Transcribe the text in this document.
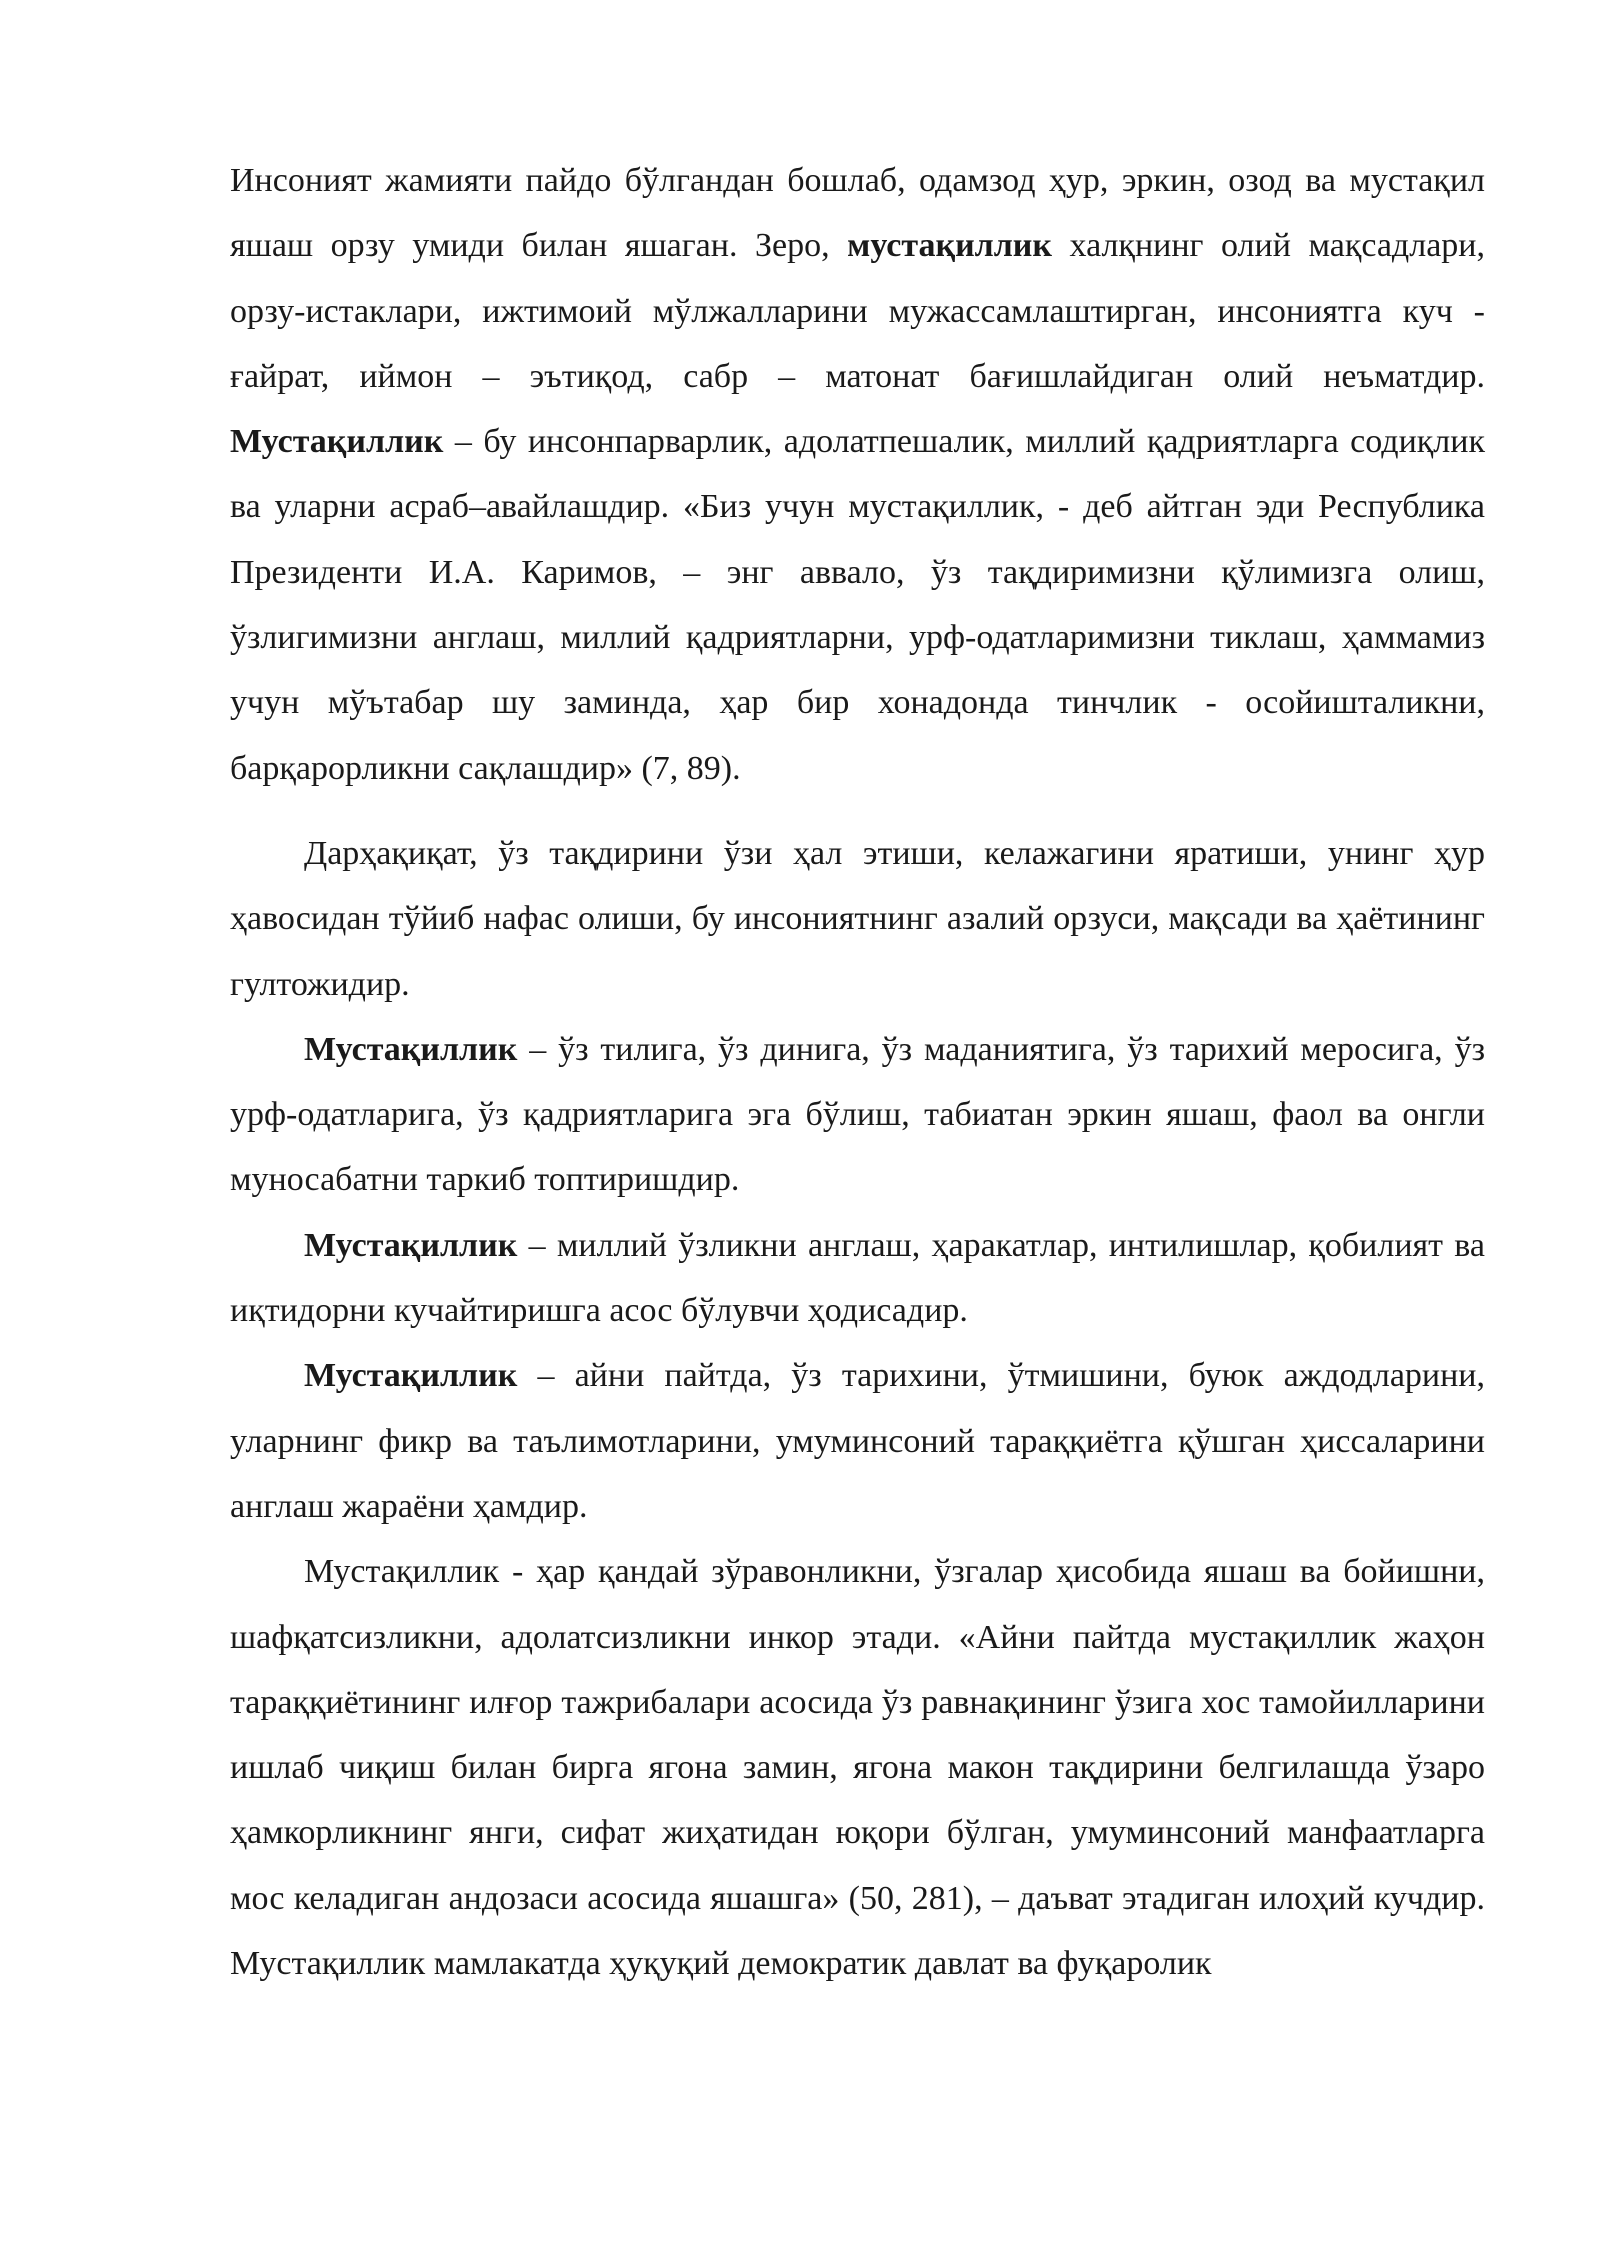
Инсоният жамияти пайдо бўлгандан бошлаб, одамзод ҳур, эркин, озод ва мустақил яшаш орзу умиди билан яшаган. Зеро, мустақиллик халқнинг олий мақсадлари, орзу-истаклари, ижтимоий мўлжалларини мужассамлаштирган, инсониятга куч - ғайрат, иймон – эътиқод, сабр – матонат бағишлайдиган олий неъматдир. Мустақиллик – бу инсонпарварлик, адолатпешалик, миллий қадриятларга содиқлик ва уларни асраб–авайлашдир. «Биз учун мустақиллик, - деб айтган эди Республика Президенти И.А. Каримов, – энг аввало, ўз тақдиримизни қўлимизга олиш, ўзлигимизни англаш, миллий қадриятларни, урф-одатларимизни тиклаш, ҳаммамиз учун мўътабар шу заминда, ҳар бир хонадонда тинчлик - осойишталикни, барқарорликни сақлашдир» (7, 89).

Дарҳақиқат, ўз тақдирини ўзи ҳал этиши, келажагини яратиши, унинг ҳур ҳавосидан тўйиб нафас олиши, бу инсониятнинг азалий орзуси, мақсади ва ҳаётининг гултожидир.

Мустақиллик – ўз тилига, ўз динига, ўз маданиятига, ўз тарихий меросига, ўз урф-одатларига, ўз қадриятларига эга бўлиш, табиатан эркин яшаш, фаол ва онгли муносабатни таркиб топтиришдир.

Мустақиллик – миллий ўзликни англаш, ҳаракатлар, интилишлар, қобилият ва иқтидорни кучайтиришга асос бўлувчи ҳодисадир.

Мустақиллик – айни пайтда, ўз тарихини, ўтмишини, буюк аждодларини, уларнинг фикр ва таълимотларини, умуминсоний тараққиётга қўшган ҳиссаларини англаш жараёни ҳамдир.

Мустақиллик - ҳар қандай зўравонликни, ўзгалар ҳисобида яшаш ва бойишни, шафқатсизликни, адолатсизликни инкор этади. «Айни пайтда мустақиллик жаҳон тараққиётининг илғор тажрибалари асосида ўз равнақининг ўзига хос тамойилларини ишлаб чиқиш билан бирга ягона замин, ягона макон тақдирини белгилашда ўзаро ҳамкорликнинг янги, сифат жиҳатидан юқори бўлган, умуминсоний манфаатларга мос келадиган андозаси асосида яшашга» (50, 281), – даъват этадиган илоҳий кучдир. Мустақиллик мамлакатда ҳуқуқий демократик давлат ва фуқаролик
